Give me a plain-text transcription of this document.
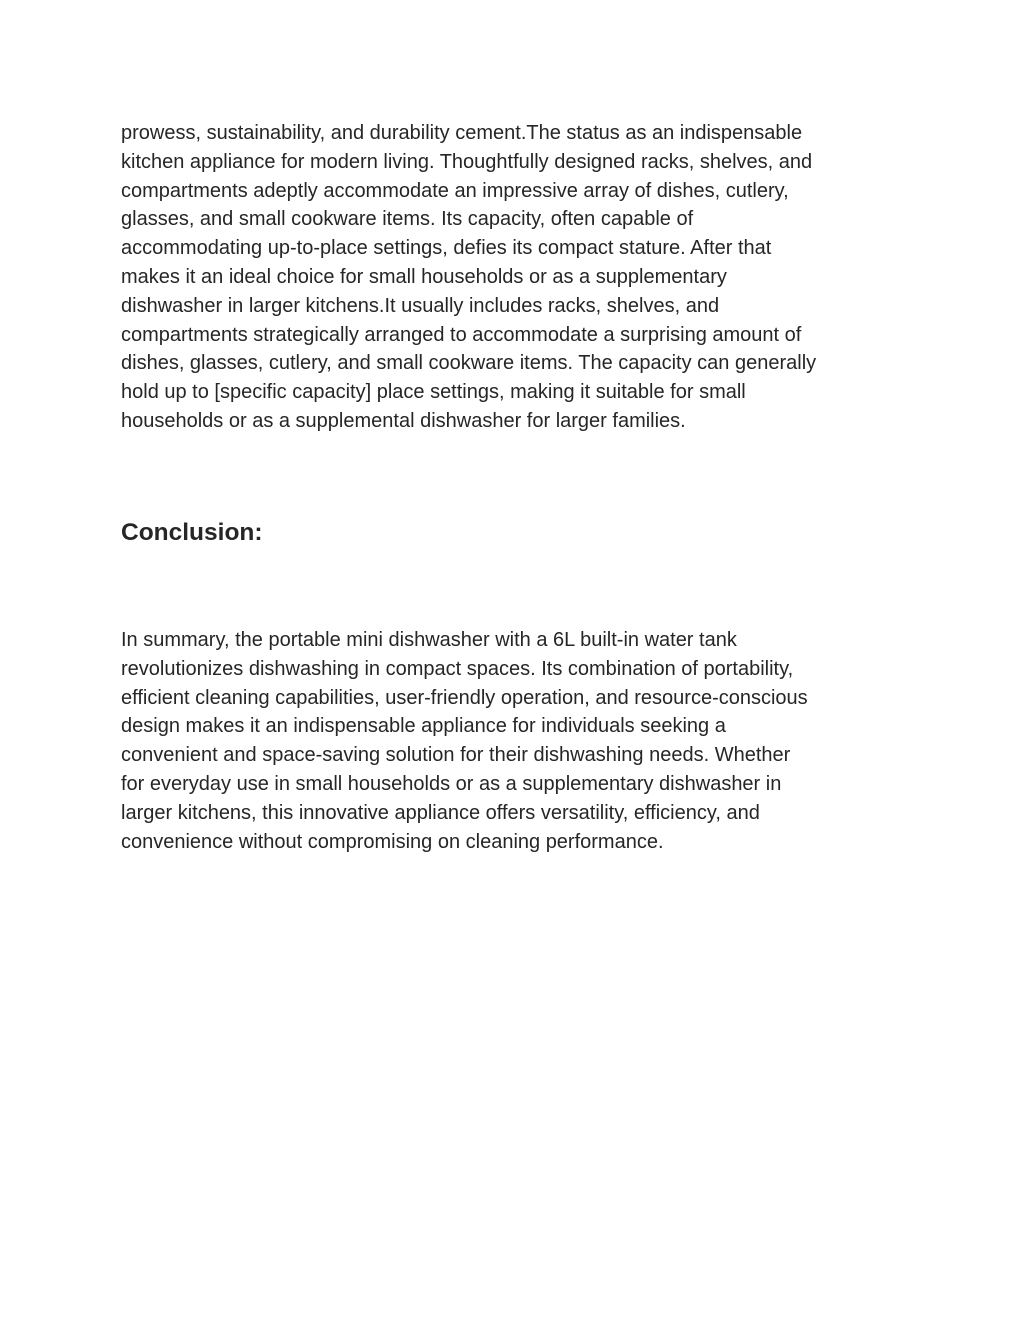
prowess, sustainability, and durability cement.The status as an indispensable
kitchen appliance for modern living. Thoughtfully designed racks, shelves, and
compartments adeptly accommodate an impressive array of dishes, cutlery,
glasses, and small cookware items. Its capacity, often capable of
accommodating up-to-place settings, defies its compact stature. After that
makes it an ideal choice for small households or as a supplementary
dishwasher in larger kitchens.It usually includes racks, shelves, and
compartments strategically arranged to accommodate a surprising amount of
dishes, glasses, cutlery, and small cookware items. The capacity can generally
hold up to [specific capacity] place settings, making it suitable for small
households or as a supplemental dishwasher for larger families.

Conclusion:

In summary, the portable mini dishwasher with a 6L built-in water tank
revolutionizes dishwashing in compact spaces. Its combination of portability,
efficient cleaning capabilities, user-friendly operation, and resource-conscious
design makes it an indispensable appliance for individuals seeking a
convenient and space-saving solution for their dishwashing needs. Whether
for everyday use in small households or as a supplementary dishwasher in
larger kitchens, this innovative appliance offers versatility, efficiency, and
convenience without compromising on cleaning performance.
